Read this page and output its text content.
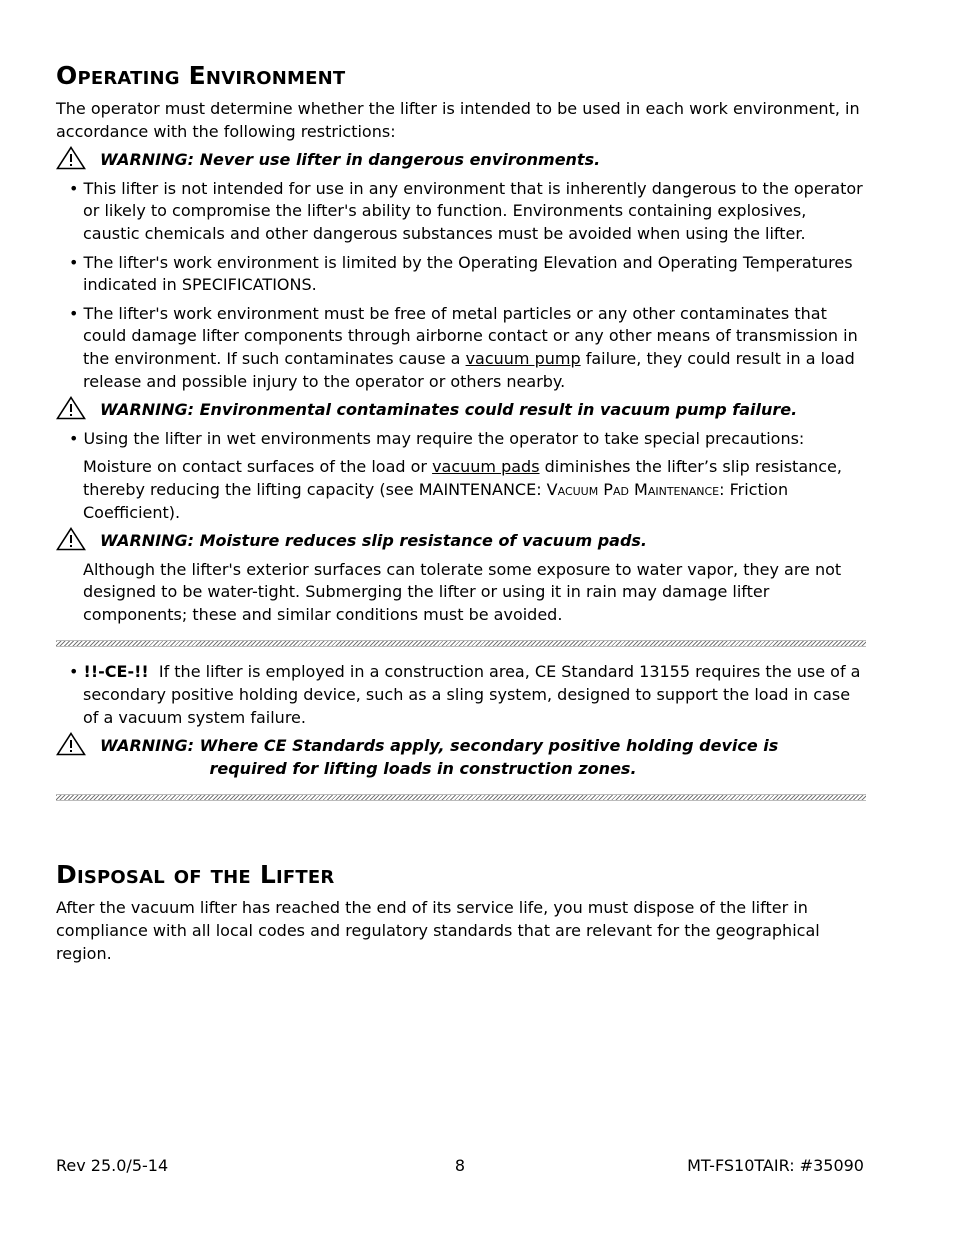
Operating Environment

The operator must determine whether the lifter is intended to be used in each work environment, in accordance with the following restrictions:

WARNING: Never use lifter in dangerous environments.

• This lifter is not intended for use in any environment that is inherently dangerous to the operator or likely to compromise the lifter's ability to function. Environments containing explosives, caustic chemicals and other dangerous substances must be avoided when using the lifter.

• The lifter's work environment is limited by the Operating Elevation and Operating Temperatures indicated in SPECIFICATIONS.

• The lifter's work environment must be free of metal particles or any other contaminates that could damage lifter components through airborne contact or any other means of transmission in the environment. If such contaminates cause a vacuum pump failure, they could result in a load release and possible injury to the operator or others nearby.

WARNING: Environmental contaminates could result in vacuum pump failure.

• Using the lifter in wet environments may require the operator to take special precautions:

Moisture on contact surfaces of the load or vacuum pads diminishes the lifter’s slip resistance, thereby reducing the lifting capacity (see MAINTENANCE: Vacuum Pad Maintenance: Friction Coefficient).

WARNING: Moisture reduces slip resistance of vacuum pads.

Although the lifter's exterior surfaces can tolerate some exposure to water vapor, they are not designed to be water-tight. Submerging the lifter or using it in rain may damage lifter components; these and similar conditions must be avoided.

• !!-CE-!!  If the lifter is employed in a construction area, CE Standard 13155 requires the use of a secondary positive holding device, such as a sling system, designed to support the load in case of a vacuum system failure.

WARNING: Where CE Standards apply, secondary positive holding device is
required for lifting loads in construction zones.
Disposal of the Lifter

After the vacuum lifter has reached the end of its service life, you must dispose of the lifter in compliance with all local codes and regulatory standards that are relevant for the geographical region.

Rev 25.0/5-14	8	MT-FS10TAIR: #35090
